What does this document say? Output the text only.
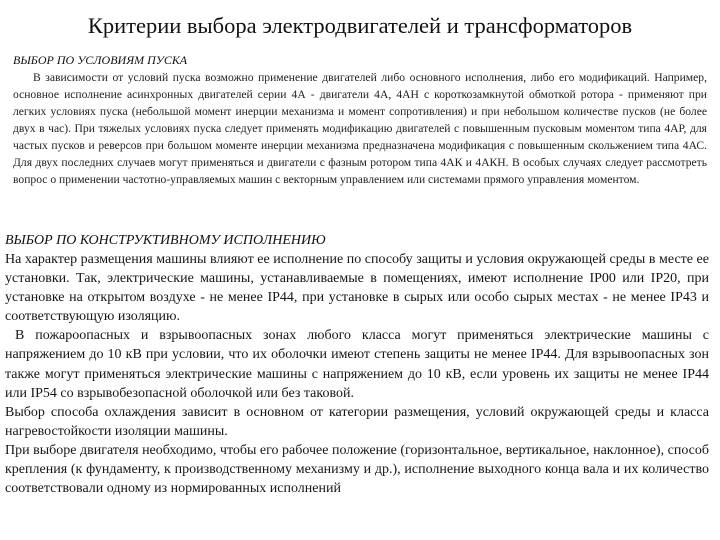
Критерии выбора электродвигателей и трансформаторов
ВЫБОР ПО УСЛОВИЯМ ПУСКА

В зависимости от условий пуска возможно применение двигателей либо основного исполнения, либо его модификаций. Например, основное исполнение асинхронных двигателей серии 4А - двигатели 4А, 4АН с короткозамкнутой обмоткой ротора - применяют при легких условиях пуска (небольшой момент инерции механизма и момент сопротивления) и при небольшом количестве пусков (не более двух в час). При тяжелых условиях пуска следует применять модификацию двигателей с повышенным пусковым моментом типа 4АР, для частых пусков и реверсов при большом моменте инерции механизма предназначена модификация с повышенным скольжением типа 4АС. Для двух последних случаев могут применяться и двигатели с фазным ротором типа 4АК и 4АКН. В особых случаях следует рассмотреть вопрос о применении частотно-управляемых машин с векторным управлением или системами прямого управления моментом.

ВЫБОР ПО КОНСТРУКТИВНОМУ ИСПОЛНЕНИЮ

На характер размещения машины влияют ее исполнение по способу защиты и условия окружающей среды в месте ее установки. Так, электрические машины, устанавливаемые в помещениях, имеют исполнение IP00 или IP20, при установке на открытом воздухе - не менее IP44, при установке в сырых или особо сырых местах - не менее IP43 и соответствующую изоляцию.

В пожароопасных и взрывоопасных зонах любого класса могут применяться электрические машины с напряжением до 10 кВ при условии, что их оболочки имеют степень защиты не менее IP44. Для взрывоопасных зон также могут применяться электрические машины с напряжением до 10 кВ, если уровень их защиты не менее IP44 или IP54 со взрывобезопасной оболочкой или без таковой.

Выбор способа охлаждения зависит в основном от категории размещения, условий окружающей среды и класса нагревостойкости изоляции машины.

При выборе двигателя необходимо, чтобы его рабочее положение (горизонтальное, вертикальное, наклонное), способ крепления (к фундаменту, к производственному механизму и др.), исполнение выходного конца вала и их количество соответствовали одному из нормированных исполнений
